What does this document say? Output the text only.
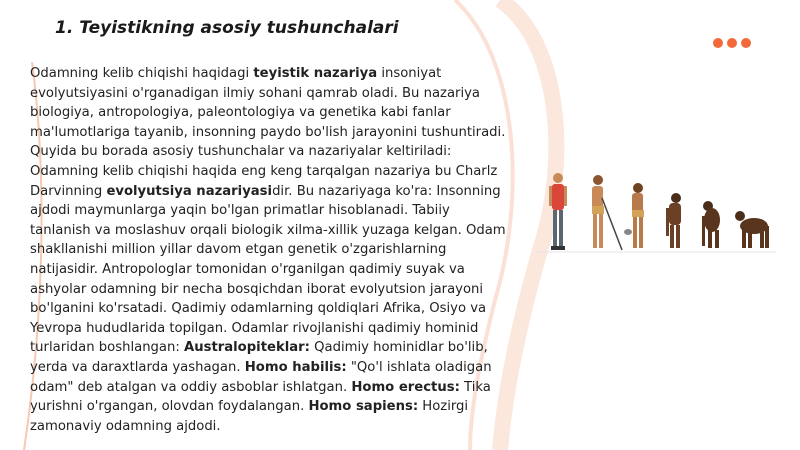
1. Teyistikning asosiy tushunchalari
Odamning kelib chiqishi haqidagi teyistik nazariya insoniyat evolyutsiyasini o'rganadigan ilmiy sohani qamrab oladi. Bu nazariya biologiya, antropologiya, paleontologiya va genetika kabi fanlar ma'lumotlariga tayanib, insonning paydo bo'lish jarayonini tushuntiradi. Quyida bu borada asosiy tushunchalar va nazariyalar keltiriladi: Odamning kelib chiqishi haqida eng keng tarqalgan nazariya bu Charlz Darvinning evolyutsiya nazariyasidir. Bu nazariyaga ko'ra: Insonning ajdodi maymunlarga yaqin bo'lgan primatlar hisoblanadi. Tabiiy tanlanish va moslashuv orqali biologik xilma-xillik yuzaga kelgan. Odam shakllanishi million yillar davom etgan genetik o'zgarishlarning natijasidir. Antropologlar tomonidan o'rganilgan qadimiy suyak va ashyolar odamning bir necha bosqichdan iborat evolyutsion jarayoni bo'lganini ko'rsatadi. Qadimiy odamlarning qoldiqlari Afrika, Osiyo va Yevropa hududlarida topilgan. Odamlar rivojlanishi qadimiy hominid turlaridan boshlangan: Australopiteklar: Qadimiy hominidlar bo'lib, yerda va daraxtlarda yashagan. Homo habilis: "Qo'l ishlata oladigan odam" deb atalgan va oddiy asboblar ishlatgan. Homo erectus: Tika yurishni o'rgangan, olovdan foydalangan. Homo sapiens: Hozirgi zamonaviy odamning ajdodi.
